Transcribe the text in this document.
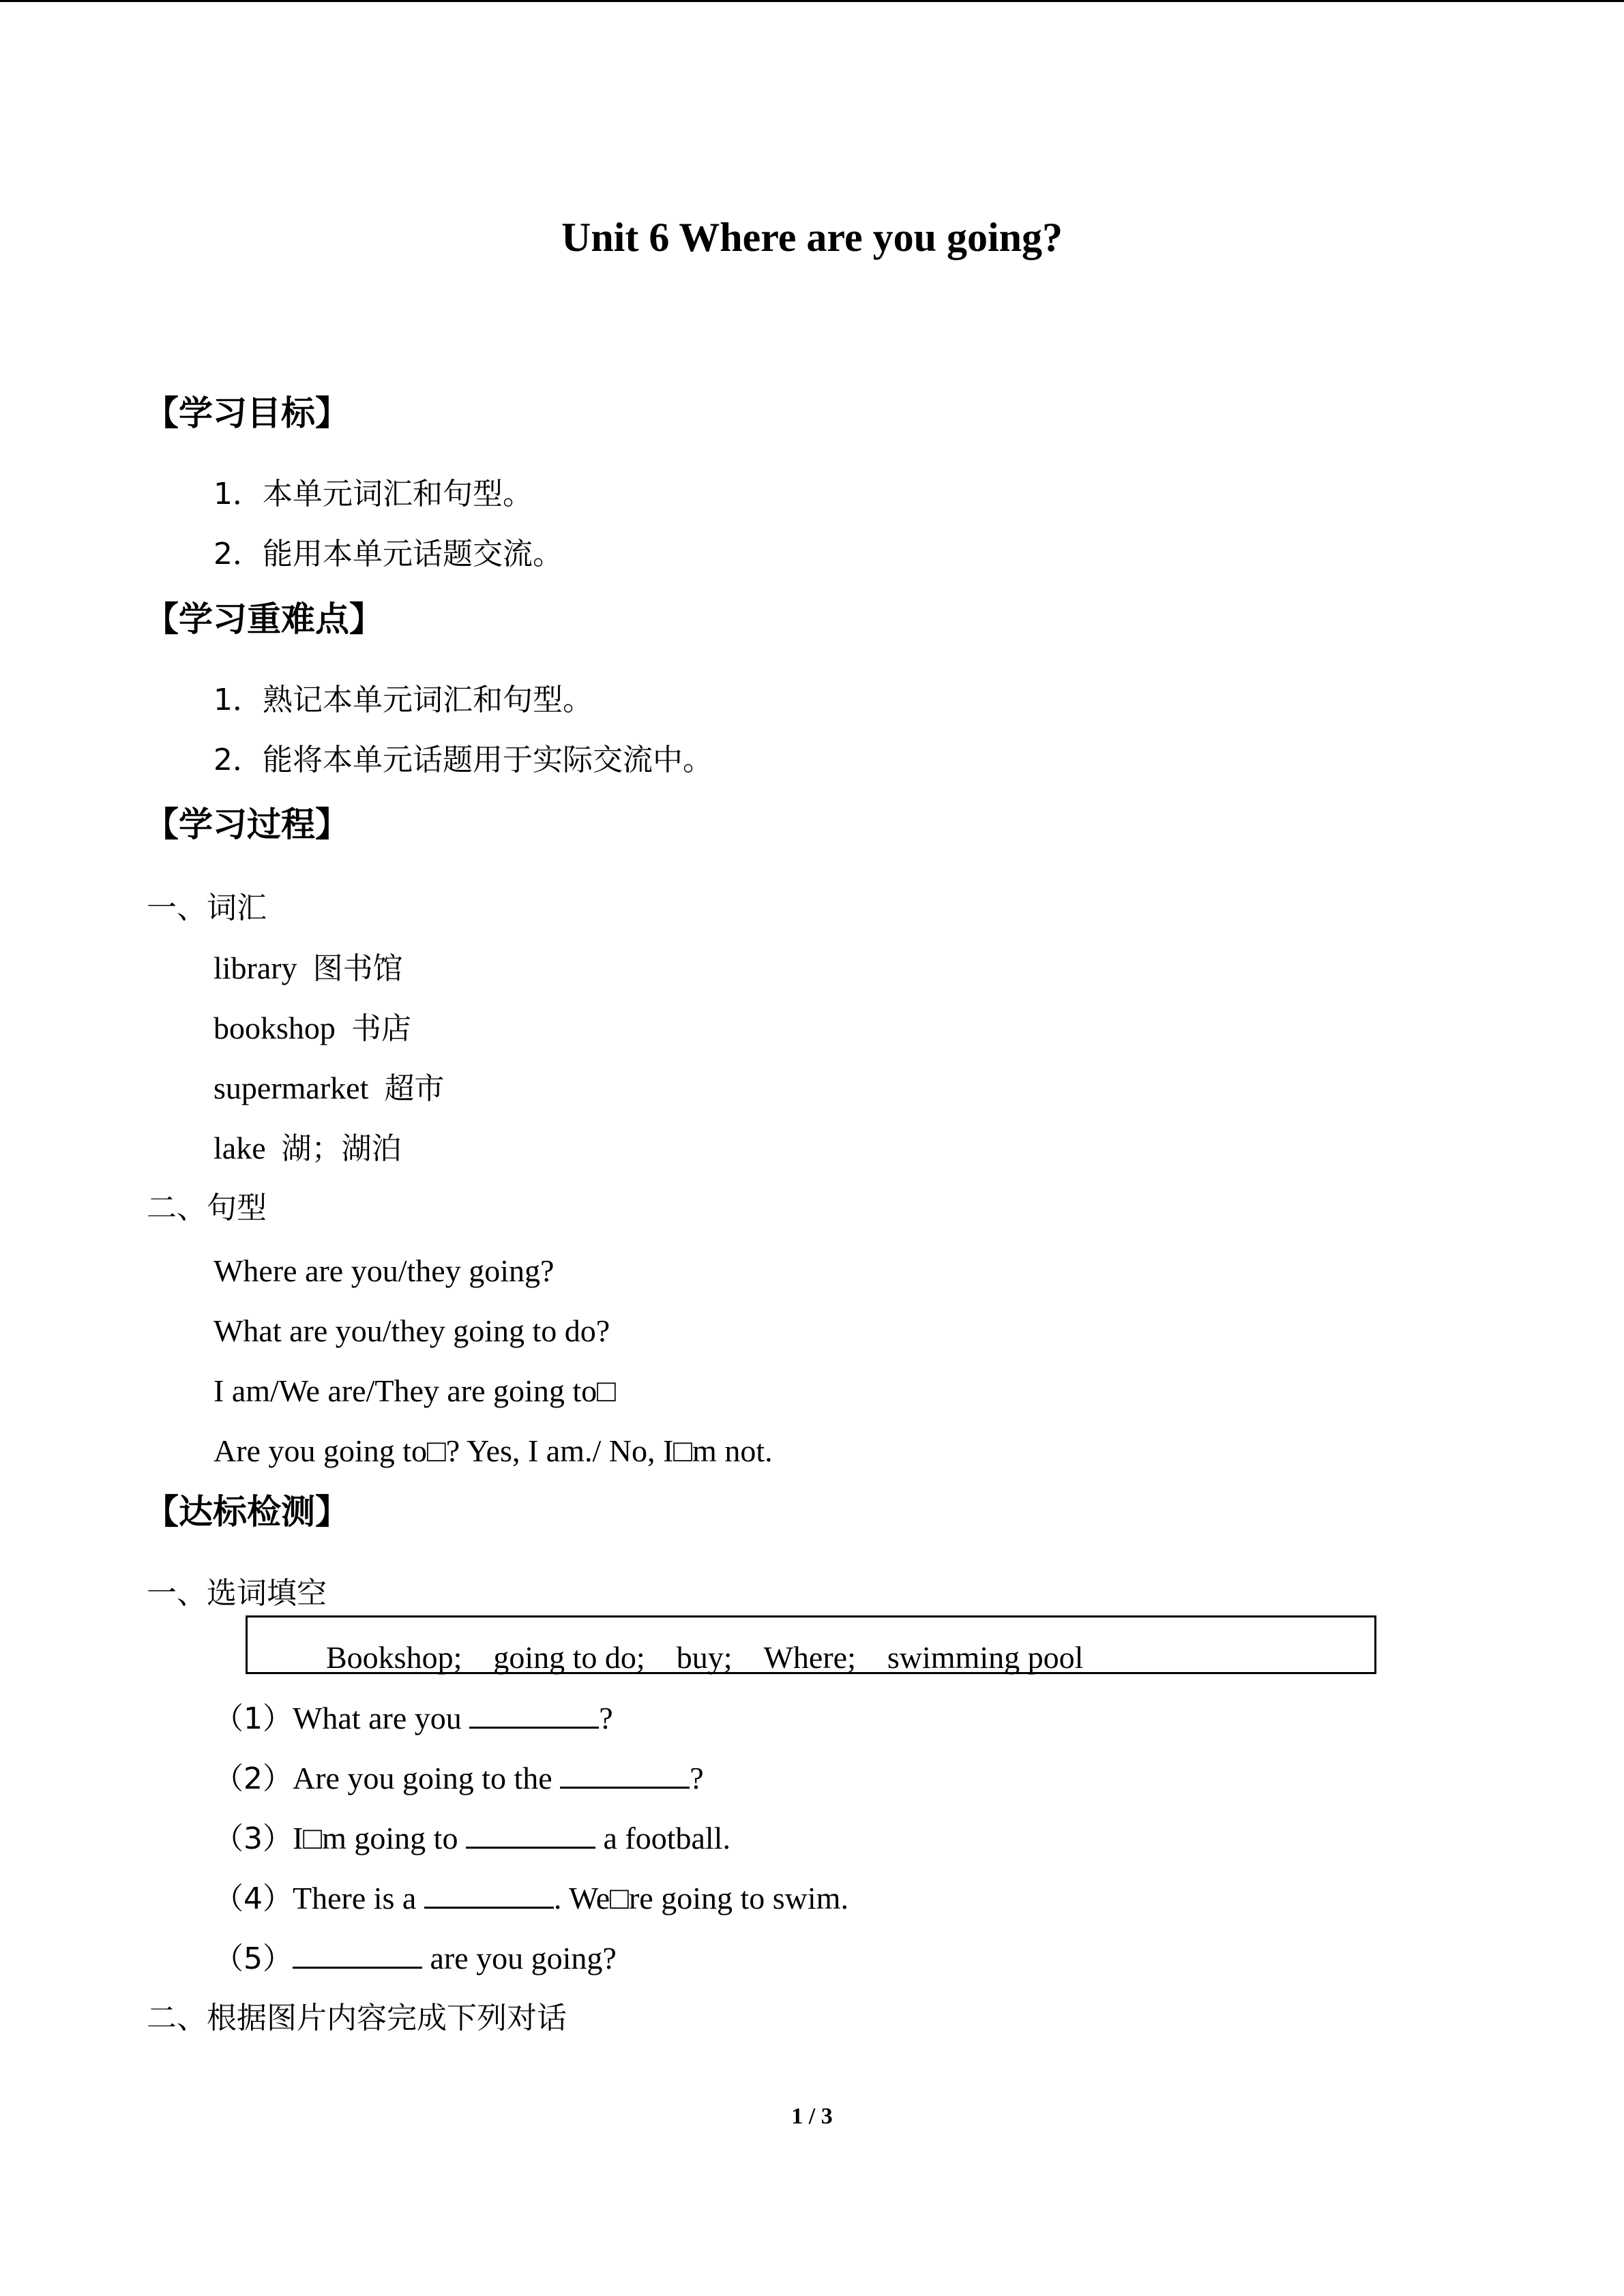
Unit 6 Where are you going?
【学习目标】
1．本单元词汇和句型。
2．能用本单元话题交流。
【学习重难点】
1．熟记本单元词汇和句型。
2．能将本单元话题用于实际交流中。
【学习过程】
一、词汇
library 图书馆
bookshop 书店
supermarket 超市
lake 湖；湖泊
二、句型
Where are you/they going?
What are you/they going to do?
I am/We are/They are going to□
Are you going to□? Yes, I am./ No, I□m not.
【达标检测】
一、选词填空
Bookshop; going to do; buy; Where; swimming pool
（1）What are you	?
（2）Are you going to the	?
（3）I□m going to	a football.
（4）There is a	. We□re going to swim.
（5）	are you going?
二、根据图片内容完成下列对话
1 / 3
